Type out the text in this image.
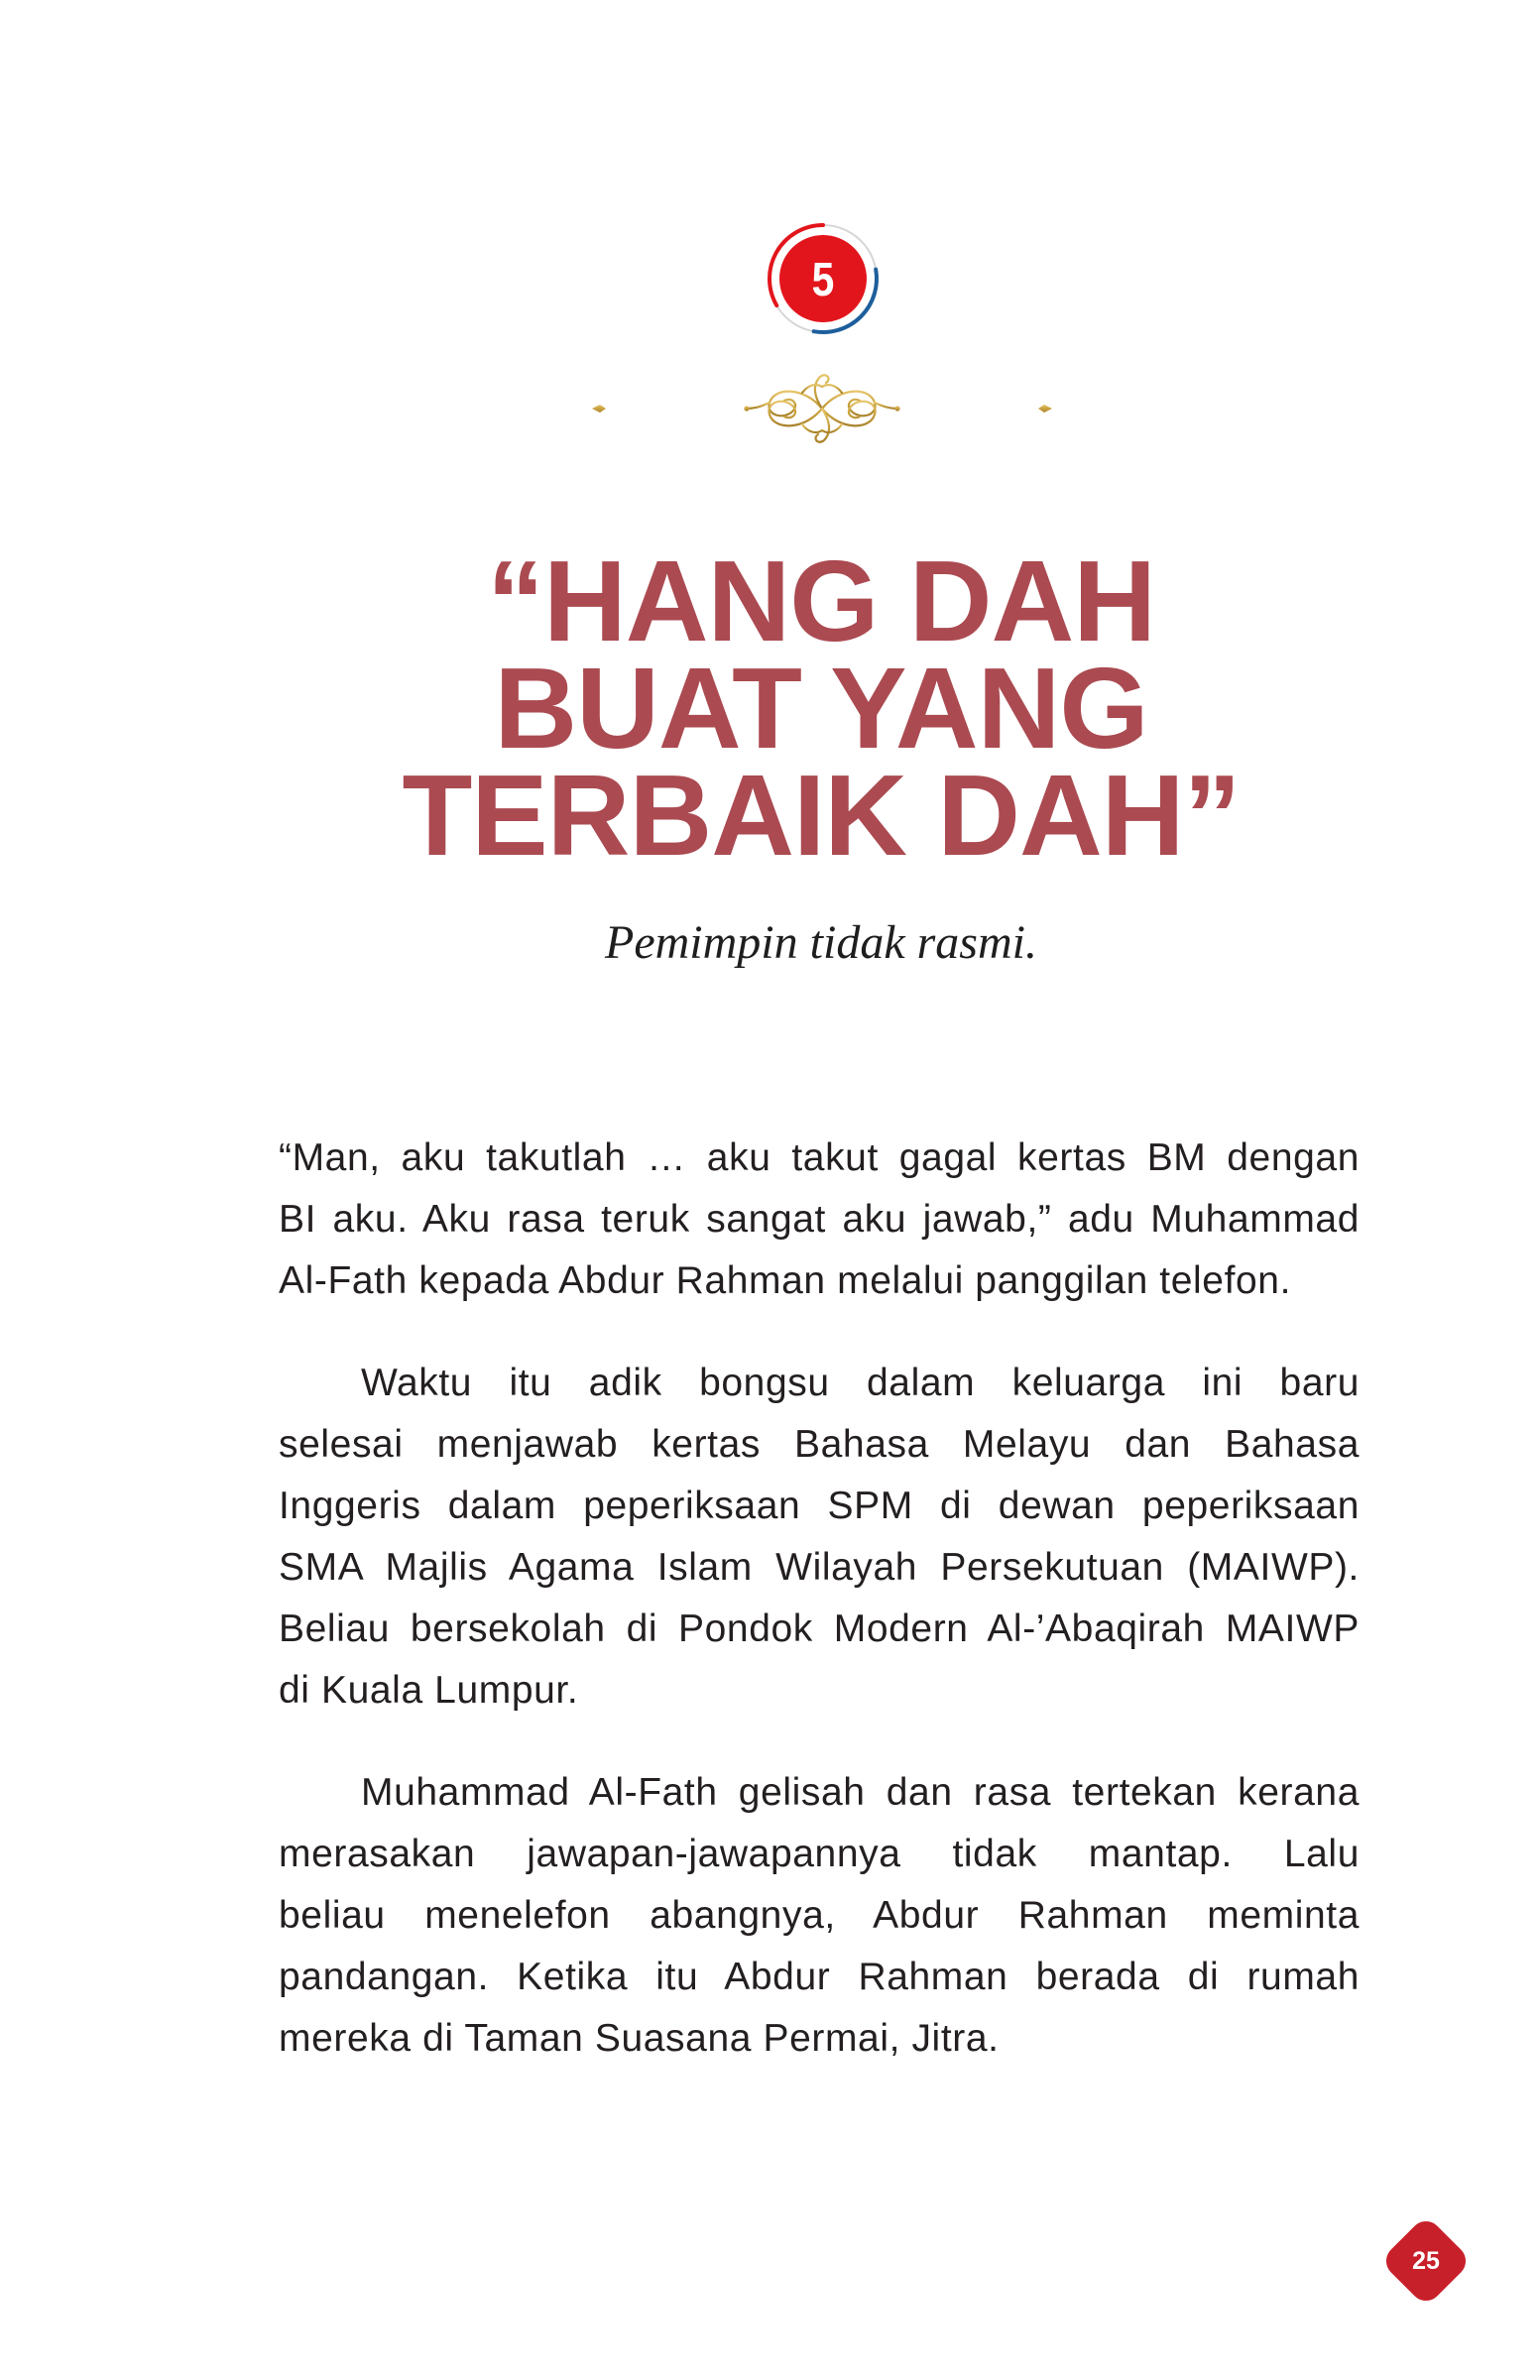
5
“HANG DAH
BUAT YANG
TERBAIK DAH”
Pemimpin tidak rasmi.
“Man, aku takutlah … aku takut gagal kertas BM dengan
BI aku. Aku rasa teruk sangat aku jawab,” adu Muhammad
Al-Fath kepada Abdur Rahman melalui panggilan telefon.
Waktu itu adik bongsu dalam keluarga ini baru
selesai menjawab kertas Bahasa Melayu dan Bahasa
Inggeris dalam peperiksaan SPM di dewan peperiksaan
SMA Majlis Agama Islam Wilayah Persekutuan (MAIWP).
Beliau bersekolah di Pondok Modern Al-’Abaqirah MAIWP
di Kuala Lumpur.
Muhammad Al-Fath gelisah dan rasa tertekan kerana
merasakan jawapan-jawapannya tidak mantap. Lalu
beliau menelefon abangnya, Abdur Rahman meminta
pandangan. Ketika itu Abdur Rahman berada di rumah
mereka di Taman Suasana Permai, Jitra.
25
